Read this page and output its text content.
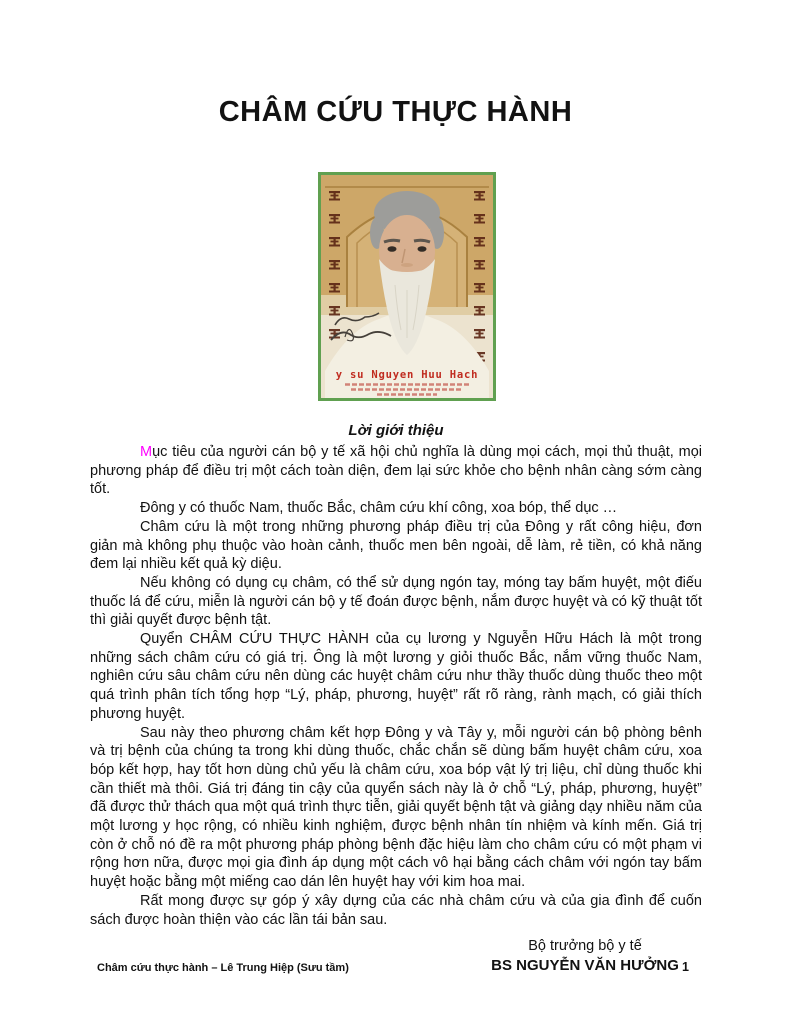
CHÂM CỨU THỰC HÀNH
y su Nguyen Huu Hach
Lời giới thiệu

Mục tiêu của người cán bộ y tế xã hội chủ nghĩa là dùng mọi cách, mọi thủ thuật, mọi phương pháp để điều trị một cách toàn diện, đem lại sức khỏe cho bệnh nhân càng sớm càng tốt.

Đông y có thuốc Nam, thuốc Bắc, châm cứu khí công, xoa bóp, thể dục …

Châm cứu là một trong những phương pháp điều trị của Đông y rất công hiệu, đơn giản mà không phụ thuộc vào hoàn cảnh, thuốc men bên ngoài, dễ làm, rẻ tiền, có khả năng đem lại nhiều kết quả kỳ diệu.

Nếu không có dụng cụ châm, có thể sử dụng ngón tay, móng tay bấm huyệt, một điếu thuốc lá để cứu, miễn là người cán bộ y tế đoán được bệnh, nắm được huyệt và có kỹ thuật tốt thì giải quyết được bệnh tật.

Quyển CHÂM CỨU THỰC HÀNH của cụ lương y Nguyễn Hữu Hách là một trong những sách châm cứu có giá trị. Ông là một lương y giỏi thuốc Bắc, nắm vững thuốc Nam, nghiên cứu sâu châm cứu nên dùng các huyệt châm cứu như thầy thuốc dùng thuốc theo một quá trình phân tích tổng hợp “Lý, pháp, phương, huyệt” rất rõ ràng, rành mạch, có giải thích phương huyệt.

Sau này theo phương châm kết hợp Đông y và Tây y, mỗi người cán bộ phòng bênh và trị bệnh của chúng ta trong khi dùng thuốc, chắc chắn sẽ dùng bấm huyệt châm cứu, xoa bóp kết hợp, hay tốt hơn dùng chủ yếu là châm cứu, xoa bóp vật lý trị liệu, chỉ dùng thuốc khi cần thiết mà thôi. Giá trị đáng tin cậy của quyển sách này là ở chỗ “Lý, pháp, phương, huyệt” đã được thử thách qua một quá trình thực tiễn, giải quyết bệnh tật và giảng dạy nhiều năm của một lương y học rộng, có nhiều kinh nghiệm, được bệnh nhân tín nhiệm và kính mến. Giá trị còn ở chỗ nó đề ra một phương pháp phòng bệnh đặc hiệu làm cho châm cứu có một phạm vi rộng hơn nữa, được mọi gia đình áp dụng một cách vô hại bằng cách châm với ngón tay bấm huyệt hoặc bằng một miếng cao dán lên huyệt hay với kim hoa mai.

Rất mong được sự góp ý xây dựng của các nhà châm cứu và của gia đình để cuốn sách được hoàn thiện vào các lần tái bản sau.

Bộ trưởng bộ y tế
BS NGUYỄN VĂN HƯỞNG
Châm cứu thực hành – Lê Trung Hiệp (Sưu tầm)	1
